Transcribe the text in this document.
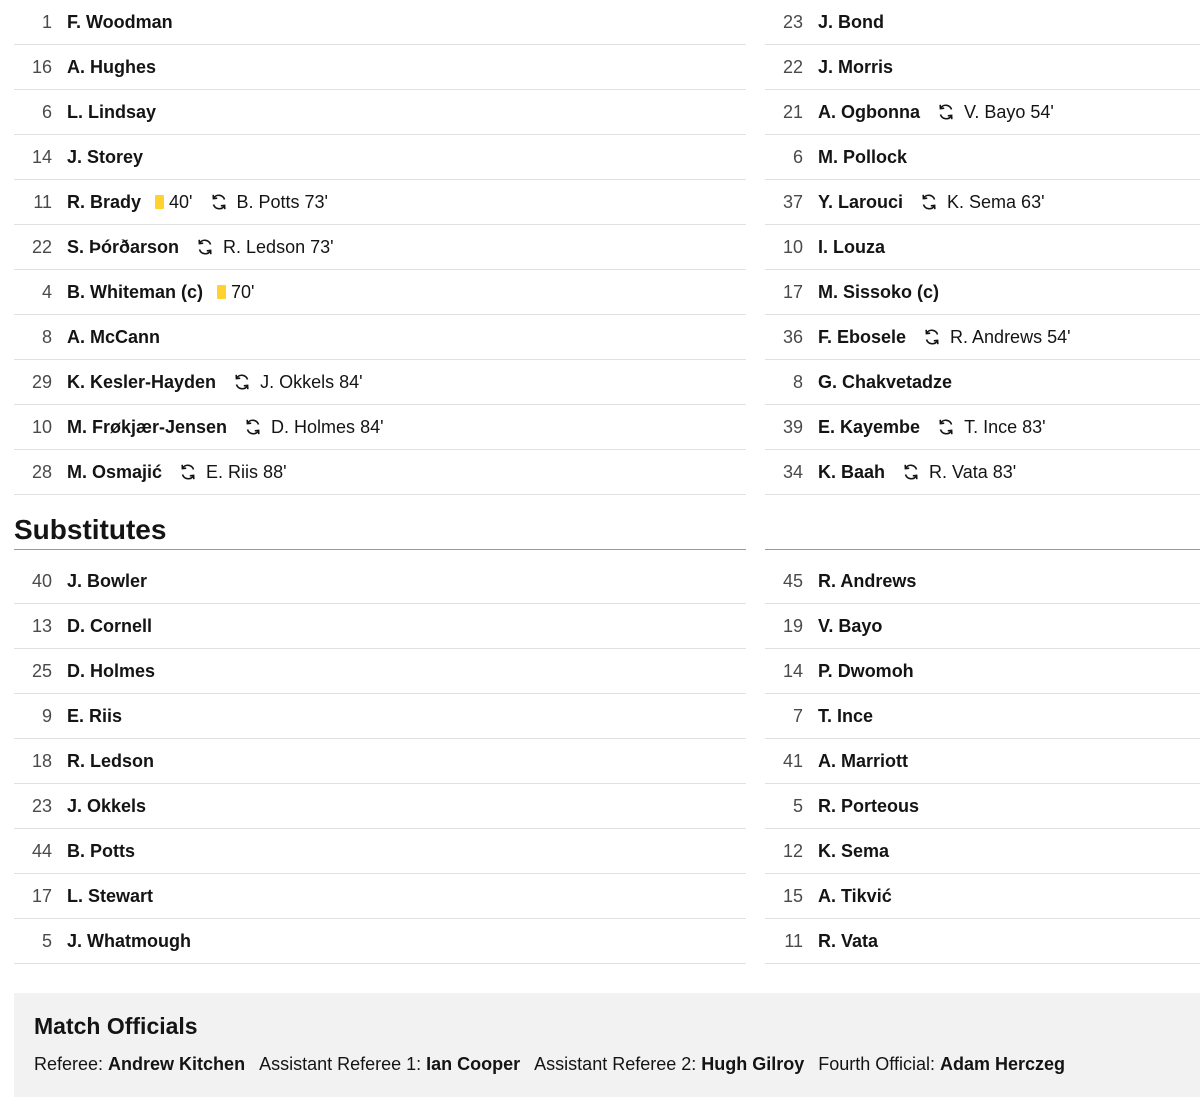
1 F. Woodman
16 A. Hughes
6 L. Lindsay
14 J. Storey
11 R. Brady 40' B. Potts 73'
22 S. Þórðarson R. Ledson 73'
4 B. Whiteman (c) 70'
8 A. McCann
29 K. Kesler-Hayden J. Okkels 84'
10 M. Frøkjær-Jensen D. Holmes 84'
28 M. Osmajić E. Riis 88'
23 J. Bond
22 J. Morris
21 A. Ogbonna V. Bayo 54'
6 M. Pollock
37 Y. Larouci K. Sema 63'
10 I. Louza
17 M. Sissoko (c)
36 F. Ebosele R. Andrews 54'
8 G. Chakvetadze
39 E. Kayembe T. Ince 83'
34 K. Baah R. Vata 83'
Substitutes
40 J. Bowler
13 D. Cornell
25 D. Holmes
9 E. Riis
18 R. Ledson
23 J. Okkels
44 B. Potts
17 L. Stewart
5 J. Whatmough
45 R. Andrews
19 V. Bayo
14 P. Dwomoh
7 T. Ince
41 A. Marriott
5 R. Porteous
12 K. Sema
15 A. Tikvić
11 R. Vata
Match Officials
Referee: Andrew Kitchen Assistant Referee 1: Ian Cooper Assistant Referee 2: Hugh Gilroy Fourth Official: Adam Herczeg
